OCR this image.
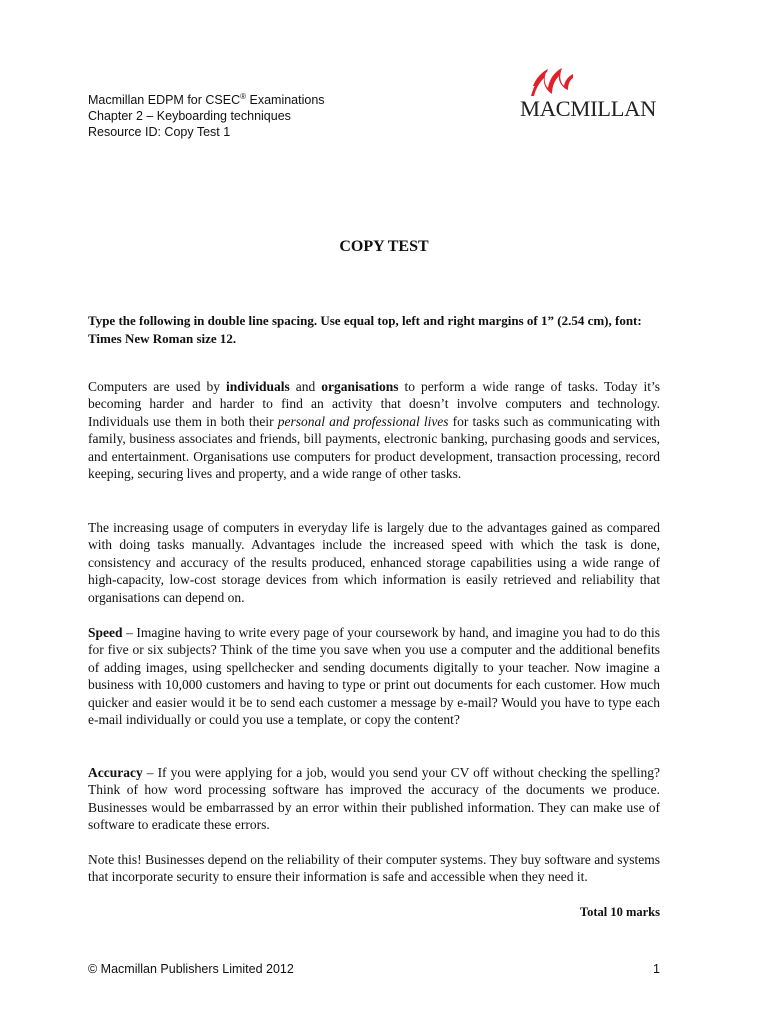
Macmillan EDPM for CSEC® Examinations
Chapter 2 – Keyboarding techniques
Resource ID: Copy Test 1
MACMILLAN
COPY TEST
Type the following in double line spacing. Use equal top, left and right margins of 1” (2.54 cm), font: Times New Roman size 12.
Computers are used by individuals and organisations to perform a wide range of tasks. Today it’s becoming harder and harder to find an activity that doesn’t involve computers and technology. Individuals use them in both their personal and professional lives for tasks such as communicating with family, business associates and friends, bill payments, electronic banking, purchasing goods and services, and entertainment. Organisations use computers for product development, transaction processing, record keeping, securing lives and property, and a wide range of other tasks.
The increasing usage of computers in everyday life is largely due to the advantages gained as compared with doing tasks manually. Advantages include the increased speed with which the task is done, consistency and accuracy of the results produced, enhanced storage capabilities using a wide range of high-capacity, low-cost storage devices from which information is easily retrieved and reliability that organisations can depend on.
Speed – Imagine having to write every page of your coursework by hand, and imagine you had to do this for five or six subjects? Think of the time you save when you use a computer and the additional benefits of adding images, using spellchecker and sending documents digitally to your teacher. Now imagine a business with 10,000 customers and having to type or print out documents for each customer. How much quicker and easier would it be to send each customer a message by e-mail? Would you have to type each e-mail individually or could you use a template, or copy the content?
Accuracy – If you were applying for a job, would you send your CV off without checking the spelling? Think of how word processing software has improved the accuracy of the documents we produce. Businesses would be embarrassed by an error within their published information. They can make use of software to eradicate these errors.
Note this! Businesses depend on the reliability of their computer systems. They buy software and systems that incorporate security to ensure their information is safe and accessible when they need it.
Total 10 marks
© Macmillan Publishers Limited 2012	1
